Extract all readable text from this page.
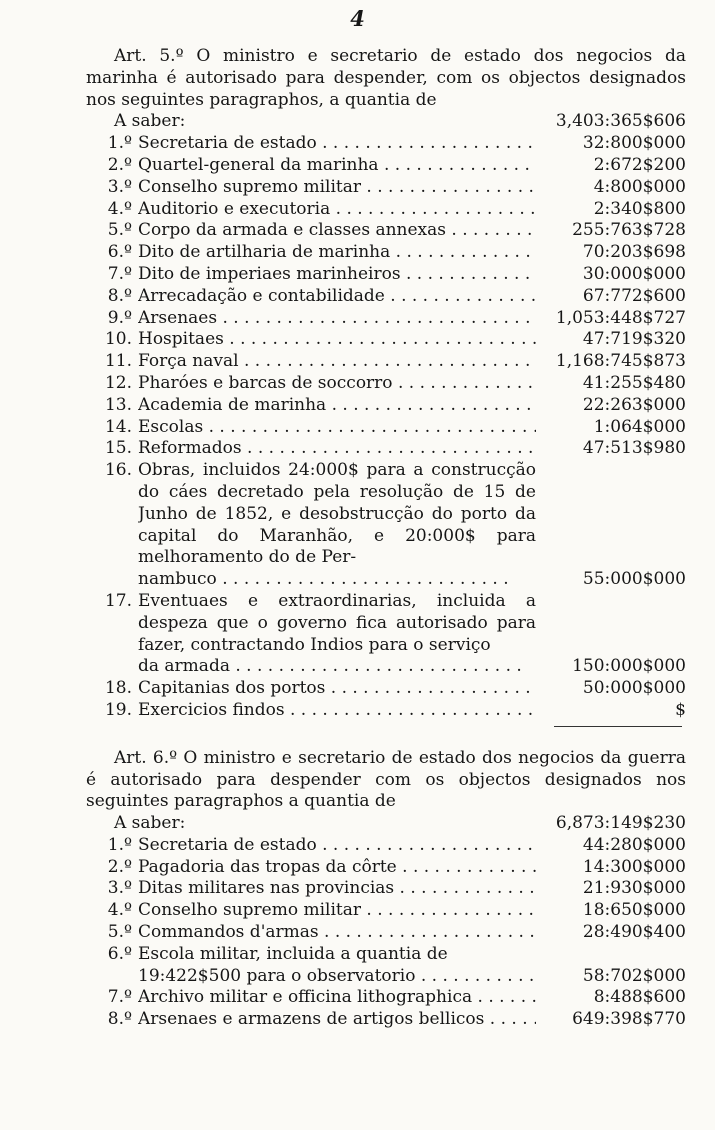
4

Art. 5.º O ministro e secretario de estado dos negocios da marinha é autorisado para despender, com os objectos designados nos seguintes paragraphos, a quantia de

A saber:	3,403:365$606
1.º Secretaria de estado . . .	32:800$000
2.º Quartel-general da marinha . . .	2:672$200
3.º Conselho supremo militar . . .	4:800$000
4.º Auditorio e executoria . . .	2:340$800
5.º Corpo da armada e classes annexas . . .	255:763$728
6.º Dito de artilharia de marinha . . .	70:203$698
7.º Dito de imperiaes marinheiros . . .	30:000$000
8.º Arrecadação e contabilidade . . .	67:772$600
9.º Arsenaes . . .	1,053:448$727
10. Hospitaes . . .	47:719$320
11. Força naval . . .	1,168:745$873
12. Pharóes e barcas de soccorro . . .	41:255$480
13. Academia de marinha . . .	22:263$000
14. Escolas . . .	1:064$000
15. Reformados . . .	47:513$980
16. Obras, incluidos 24:000$ para a construcção do cáes decretado pela resolução de 15 de Junho de 1852, e desobstrucção do porto da capital do Maranhão, e 20:000$ para melhoramento do de Per-
nambuco . . .	55:000$000
17. Eventuaes e extraordinarias, incluida a despeza que o governo fica autorisado para fazer, contractando Indios para o serviço
da armada . . .	150:000$000
18. Capitanias dos portos . . .	50:000$000
19. Exercicios findos . . .	$

Art. 6.º O ministro e secretario de estado dos negocios da guerra é autorisado para despender com os objectos designados nos seguintes paragraphos a quantia de

A saber:	6,873:149$230
1.º Secretaria de estado . . .	44:280$000
2.º Pagadoria das tropas da côrte . . .	14:300$000
3.º Ditas militares nas provincias . . .	21:930$000
4.º Conselho supremo militar . . .	18:650$000
5.º Commandos d'armas . . .	28:490$400
6.º Escola militar, incluida a quantia de
19:422$500 para o observatorio . . .	58:702$000
7.º Archivo militar e officina lithographica . . .	8:488$600
8.º Arsenaes e armazens de artigos bellicos . . .	649:398$770
